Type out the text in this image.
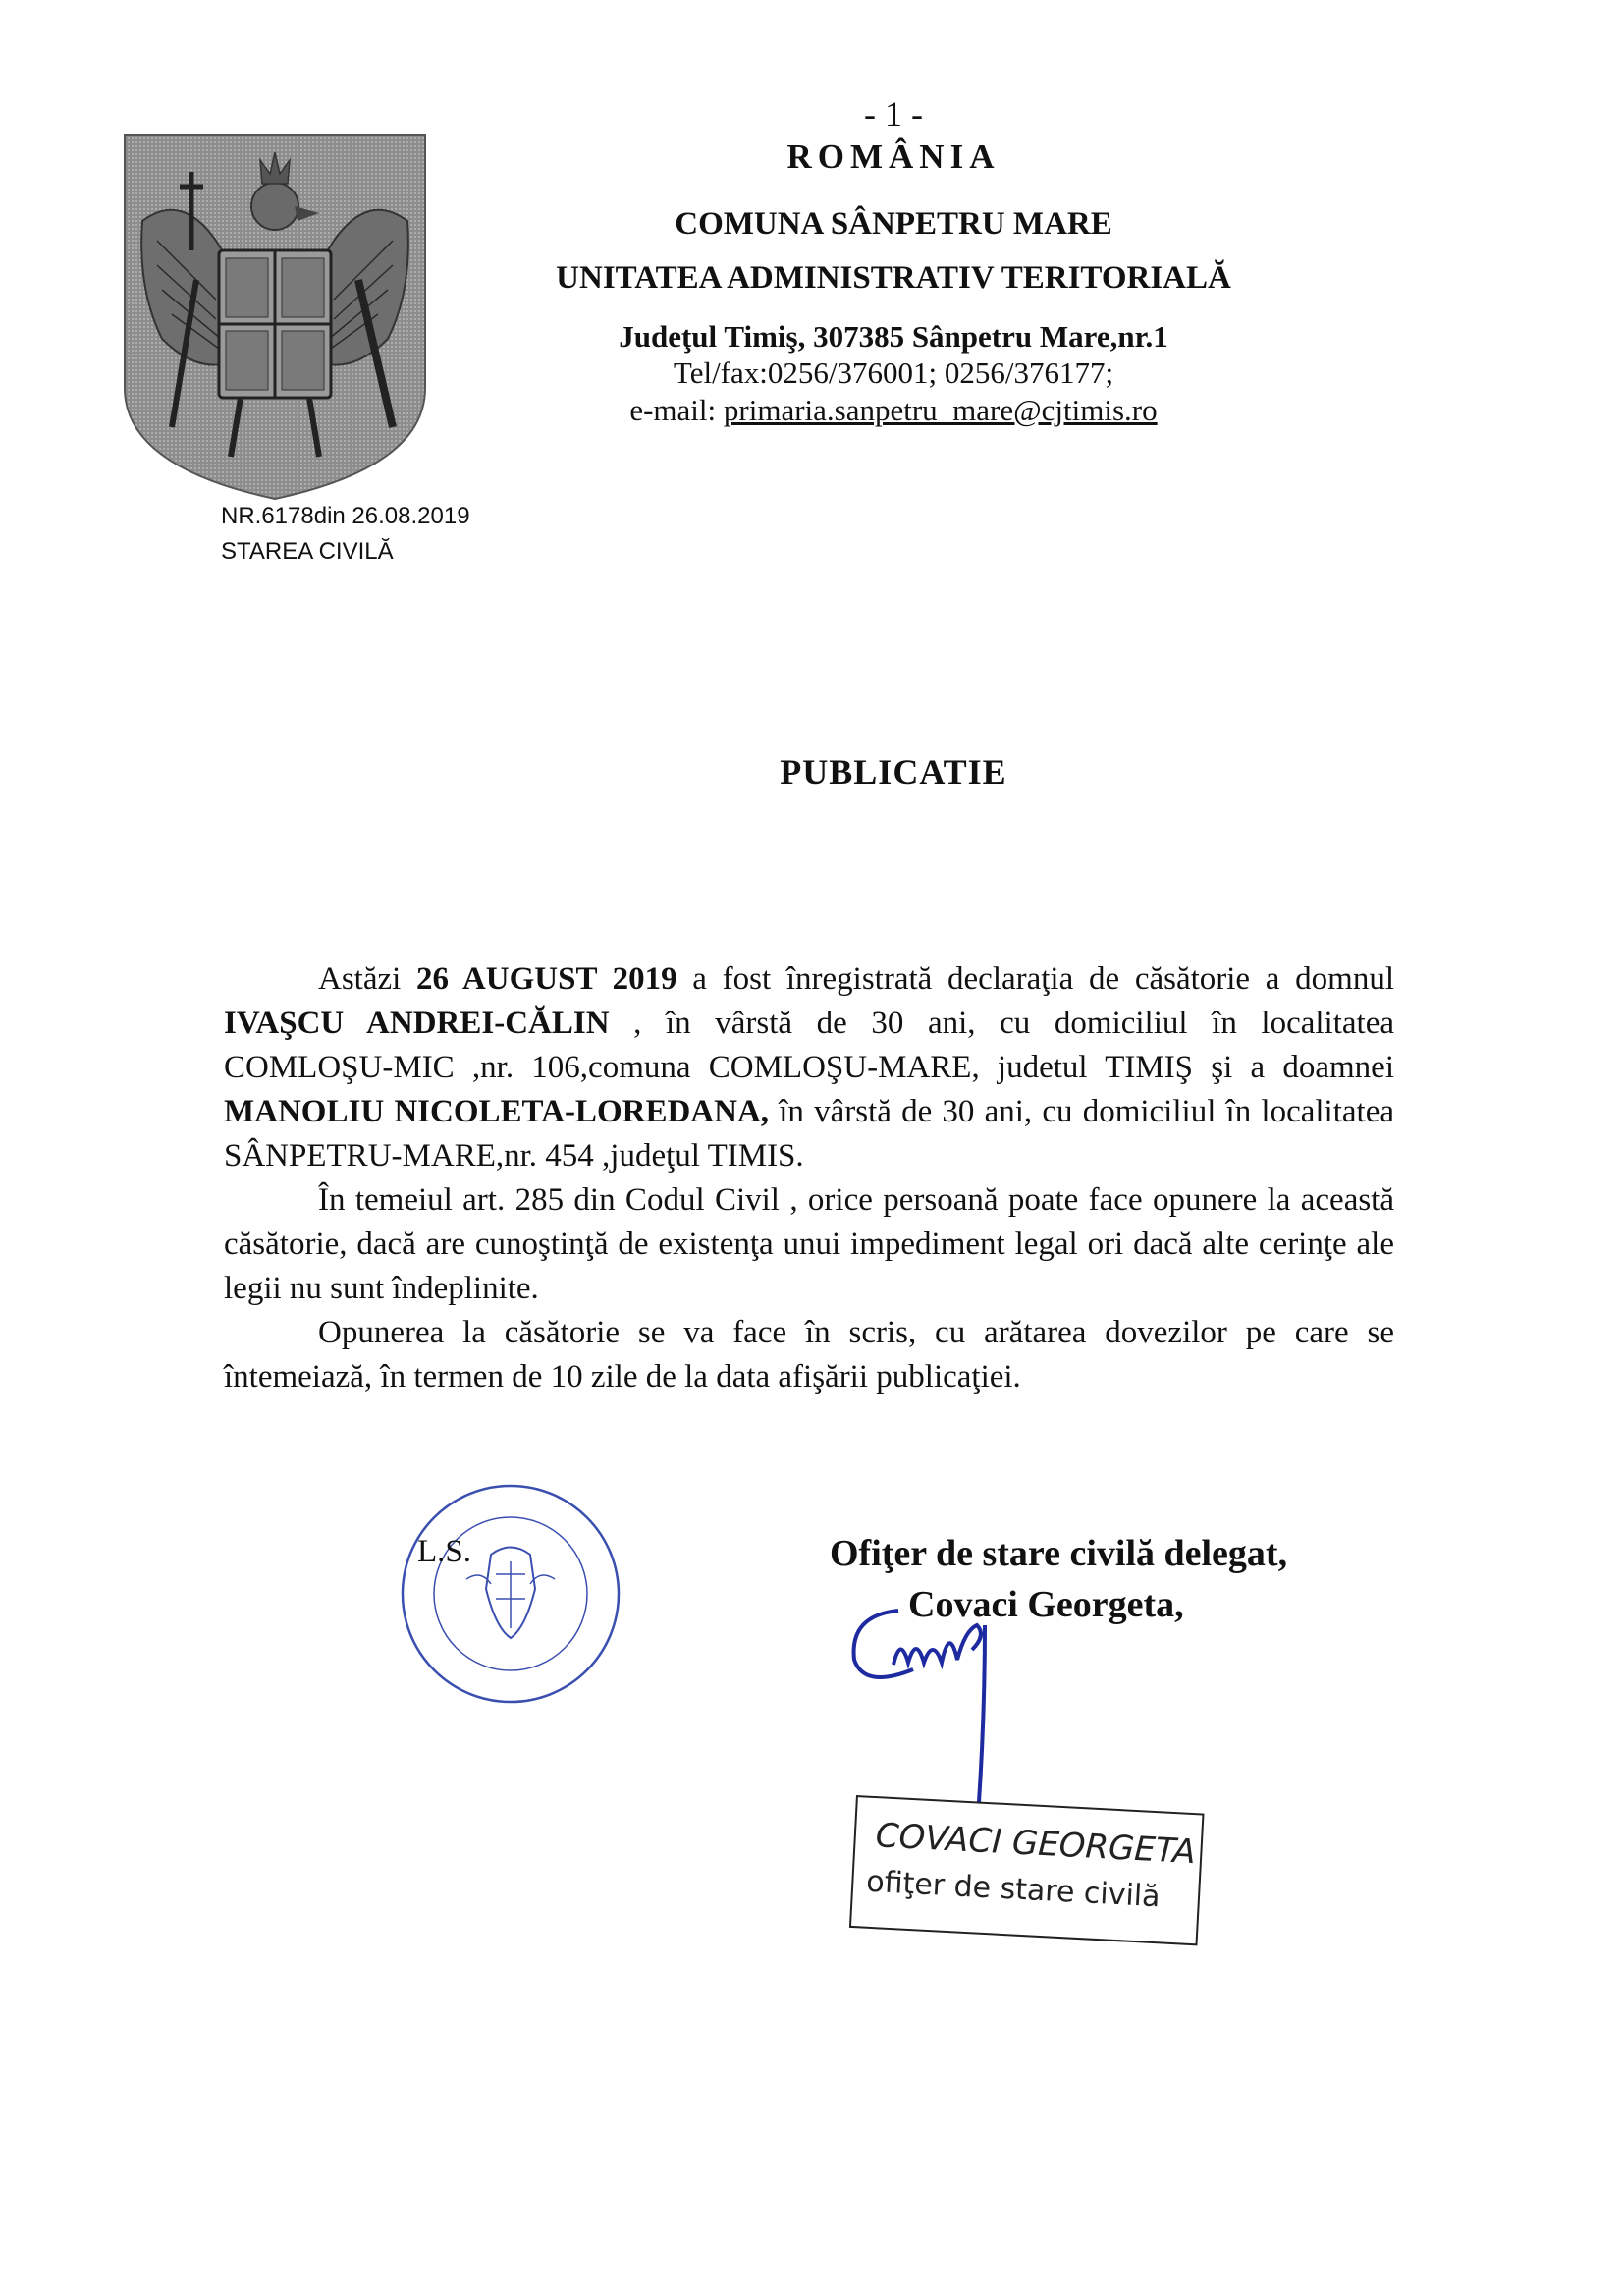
- 1 -
ROMÂNIA
COMUNA SÂNPETRU MARE
UNITATEA ADMINISTRATIV TERITORIALĂ
Judeţul Timiş, 307385 Sânpetru Mare,nr.1
Tel/fax:0256/376001; 0256/376177;
e-mail: primaria.sanpetru_mare@cjtimis.ro
NR.6178din 26.08.2019
STAREA CIVILĂ
PUBLICATIE

Astăzi 26 AUGUST 2019 a fost înregistrată declaraţia de căsătorie a domnul IVAŞCU ANDREI-CĂLIN , în vârstă de 30 ani, cu domiciliul în localitatea COMLOŞU-MIC ,nr. 106,comuna COMLOŞU-MARE, judetul TIMIŞ şi a doamnei MANOLIU NICOLETA-LOREDANA, în vârstă de 30 ani, cu domiciliul în localitatea SÂNPETRU-MARE,nr. 454 ,judeţul TIMIS.

În temeiul art. 285 din Codul Civil , orice persoană poate face opunere la această căsătorie, dacă are cunoştinţă de existenţa unui impediment legal ori dacă alte cerinţe ale legii nu sunt îndeplinite.

Opunerea la căsătorie se va face în scris, cu arătarea dovezilor pe care se întemeiază, în termen de 10 zile de la data afişării publicaţiei.

L.S.	Ofiţer de stare civilă delegat,
Covaci Georgeta,
COVACI GEORGETA
ofiţer de stare civilă
